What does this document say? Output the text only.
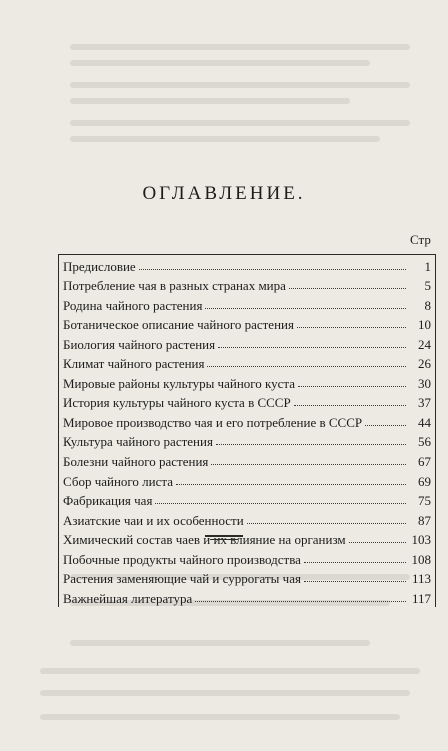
ОГЛАВЛЕНИЕ.
Стр
Предисловие	1
Потребление чая в разных странах мира	5
Родина чайного растения	8
Ботаническое описание чайного растения	10
Биология чайного растения	24
Климат чайного растения	26
Мировые районы культуры чайного куста	30
История культуры чайного куста в СССР	37
Мировое производство чая и его потребление в СССР	44
Культура чайного растения	56
Болезни чайного растения	67
Сбор чайного листа	69
Фабрикация чая	75
Азиатские чаи и их особенности	87
Химический состав чаев и их влияние на организм	103
Побочные продукты чайного производства	108
Растения заменяющие чай и суррогаты чая	113
Важнейшая литература	117
